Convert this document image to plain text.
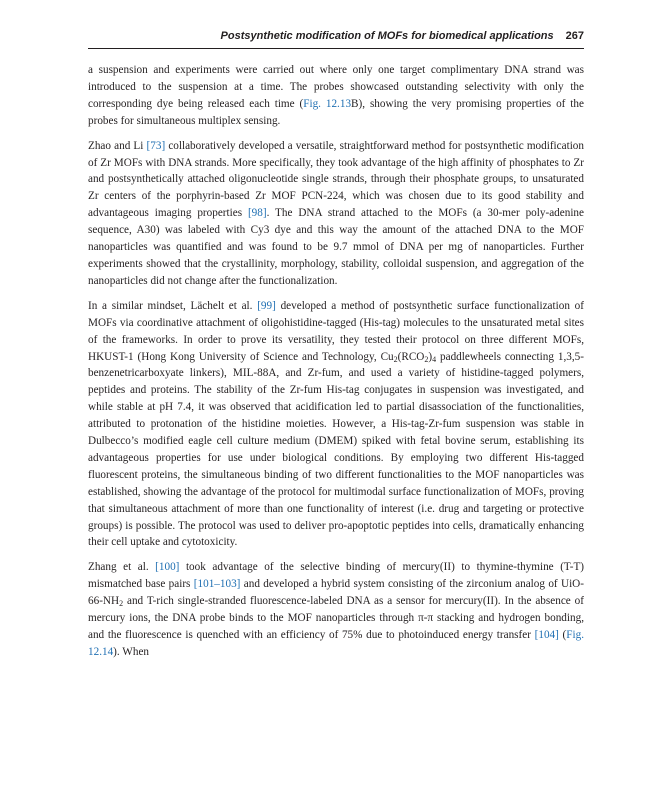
Postsynthetic modification of MOFs for biomedical applications 267

a suspension and experiments were carried out where only one target complimentary DNA strand was introduced to the suspension at a time. The probes showcased outstanding selectivity with only the corresponding dye being released each time (Fig. 12.13B), showing the very promising properties of the probes for simultaneous multiplex sensing.

Zhao and Li [73] collaboratively developed a versatile, straightforward method for postsynthetic modification of Zr MOFs with DNA strands. More specifically, they took advantage of the high affinity of phosphates to Zr and postsynthetically attached oligonucleotide single strands, through their phosphate groups, to unsaturated Zr centers of the porphyrin-based Zr MOF PCN-224, which was chosen due to its good stability and advantageous imaging properties [98]. The DNA strand attached to the MOFs (a 30-mer poly-adenine sequence, A30) was labeled with Cy3 dye and this way the amount of the attached DNA to the MOF nanoparticles was quantified and was found to be 9.7 mmol of DNA per mg of nanoparticles. Further experiments showed that the crystallinity, morphology, stability, colloidal suspension, and aggregation of the nanoparticles did not change after the functionalization.

In a similar mindset, Lächelt et al. [99] developed a method of postsynthetic surface functionalization of MOFs via coordinative attachment of oligohistidine-tagged (His-tag) molecules to the unsaturated metal sites of the frameworks. In order to prove its versatility, they tested their protocol on three different MOFs, HKUST-1 (Hong Kong University of Science and Technology, $Cu_2(RCO_2)_4$ paddlewheels connecting 1,3,5-benzenetricarboxyate linkers), MIL-88A, and Zr-fum, and used a variety of histidine-tagged polymers, peptides and proteins. The stability of the Zr-fum His-tag conjugates in suspension was investigated, and while stable at pH 7.4, it was observed that acidification led to partial disassociation of the functionalities, attributed to protonation of the histidine moieties. However, a His-tag-Zr-fum suspension was stable in Dulbecco’s modified eagle cell culture medium (DMEM) spiked with fetal bovine serum, establishing its advantageous properties for use under biological conditions. By employing two different His-tagged fluorescent proteins, the simultaneous binding of two different functionalities to the MOF nanoparticles was established, showing the advantage of the protocol for multimodal surface functionalization of MOFs, proving that simultaneous attachment of more than one functionality of interest (i.e. drug and targeting or protective groups) is possible. The protocol was used to deliver pro-apoptotic peptides into cells, dramatically enhancing their cell uptake and cytotoxicity.

Zhang et al. [100] took advantage of the selective binding of mercury(II) to thymine-thymine (T-T) mismatched base pairs [101–103] and developed a hybrid system consisting of the zirconium analog of UiO-$66-NH_2$ and T-rich single-stranded fluorescence-labeled DNA as a sensor for mercury(II). In the absence of mercury ions, the DNA probe binds to the MOF nanoparticles through π-π stacking and hydrogen bonding, and the fluorescence is quenched with an efficiency of 75% due to photoinduced energy transfer [104] (Fig. 12.14). When
